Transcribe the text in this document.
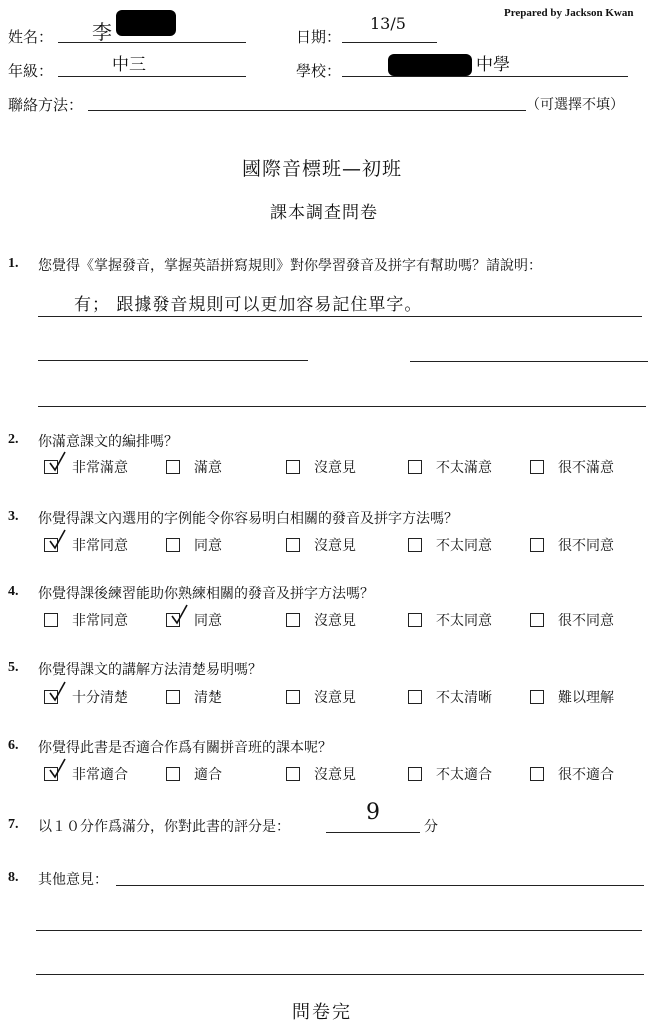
Prepared by Jackson Kwan
姓名： 李	日期：
13/5
年級：	中三	學校：	中學
聯絡方法：	（可選擇不填）
國際音標班—初班
課本調查問卷
1. 您覺得《掌握發音，掌握英語拼寫規則》對你學習發音及拼字有幫助嗎？請說明：
有； 跟據發音規則可以更加容易記住單字。
2. 你滿意課文的編排嗎？
非常滿意	滿意	沒意見	不太滿意	很不滿意
3. 你覺得課文內選用的字例能令你容易明白相關的發音及拼字方法嗎？
非常同意	同意	沒意見	不太同意	很不同意
4. 你覺得課後練習能助你熟練相關的發音及拼字方法嗎？
非常同意	同意	沒意見	不太同意	很不同意
5. 你覺得課文的講解方法清楚易明嗎？
十分清楚	清楚	沒意見	不太清晰	難以理解
6. 你覺得此書是否適合作爲有關拼音班的課本呢？
非常適合	適合	沒意見	不太適合	很不適合
7. 以１０分作爲滿分，你對此書的評分是：
9
分
8. 其他意見：
問卷完
